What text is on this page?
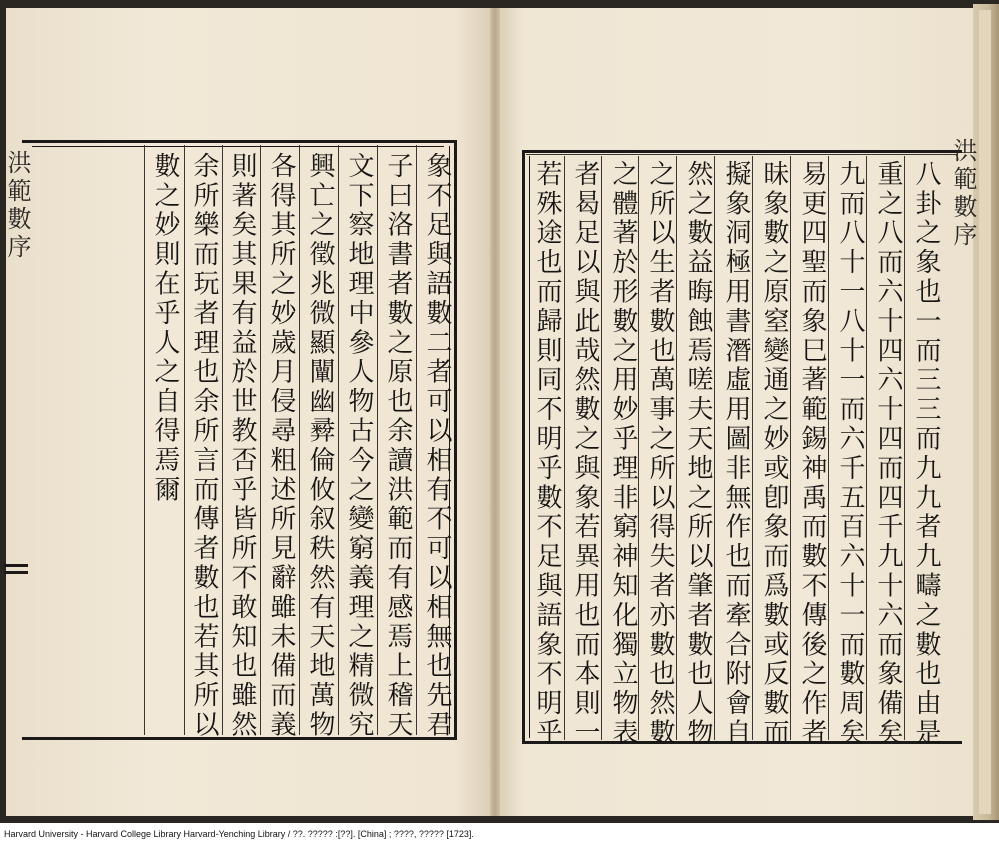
洪範數序	象不足與語數二者可以相有不可以相無也先君
子曰洛書者數之原也余讀洪範而有感焉上稽天
文下察地理中參人物古今之變窮義理之精微究
興亡之徵兆微顯闡幽彛倫攸叙秩然有天地萬物
各得其所之妙歲月侵尋粗述所見辭雖未備而義
則著矣其果有益於世教否乎皆所不敢知也雖然
余所樂而玩者理也余所言而傳者數也若其所以
數之妙則在乎人之自得焉爾	洪範數序
八卦之象也一而三三而九九者九疇之數也由是
重之八而六十四六十四而四千九十六而象備矣
九而八十一八十一而六千五百六十一而數周矣
易更四聖而象巳著範錫神禹而數不傳後之作者
昧象數之原窒變通之妙或卽象而爲數或反數而
擬象洞極用書潛虛用圖非無作也而牽合附會自
然之數益晦蝕焉嗟夫天地之所以肇者數也人物
之所以生者數也萬事之所以得失者亦數也然數
之體著於形數之用妙乎理非窮神知化獨立物表
者曷足以與此哉然數之與象若異用也而本則一
若殊途也而歸則同不明乎數不足與語象不明乎
Harvard University - Harvard College Library Harvard-Yenching Library / ??. ????? :[??]. [China] ; ????, ????? [1723].
